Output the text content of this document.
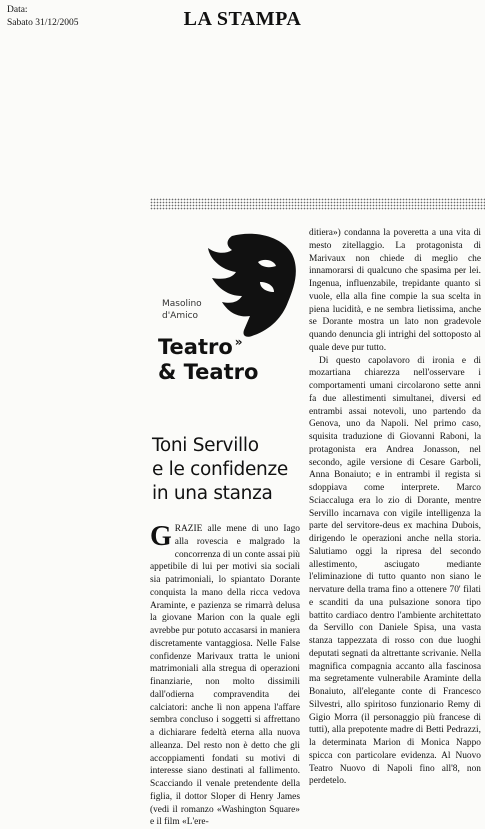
Data:
Sabato 31/12/2005	LA STAMPA
Masolino
d'Amico
Teatro »
& Teatro
Toni Servillo
e le confidenze
in una stanza

G RAZIE alle mene di uno Iago alla rovescia e malgrado la concorrenza di un conte assai più appetibile di lui per motivi sia sociali sia patrimoniali, lo spiantato Dorante conquista la mano della ricca vedova Araminte, e pazienza se rimarrà delusa la giovane Marion con la quale egli avrebbe pur potuto accasarsi in maniera discretamente vantaggiosa. Nelle False confidenze Marivaux tratta le unioni matrimoniali alla stregua di operazioni finanziarie, non molto dissimili dall'odierna compravendita dei calciatori: anche lì non appena l'affare sembra concluso i soggetti si affrettano a dichiarare fedeltà eterna alla nuova alleanza. Del resto non è detto che gli accoppiamenti fondati su motivi di interesse siano destinati al fallimento. Scacciando il venale pretendente della figlia, il dottor Sloper di Henry James (vedi il romanzo «Washington Square» e il film «L'ere-

ditiera») condanna la poveretta a una vita di mesto zitellaggio. La protagonista di Marivaux non chiede di meglio che innamorarsi di qualcuno che spasima per lei. Ingenua, influenzabile, trepidante quanto si vuole, ella alla fine compie la sua scelta in piena lucidità, e ne sembra lietissima, anche se Dorante mostra un lato non gradevole quando denuncia gli intrighi del sottoposto al quale deve pur tutto.

Di questo capolavoro di ironia e di mozartiana chiarezza nell'osservare i comportamenti umani circolarono sette anni fa due allestimenti simultanei, diversi ed entrambi assai notevoli, uno partendo da Genova, uno da Napoli. Nel primo caso, squisita traduzione di Giovanni Raboni, la protagonista era Andrea Jonasson, nel secondo, agile versione di Cesare Garboli, Anna Bonaiuto; e in entrambi il regista si sdoppiava come interprete. Marco Sciaccaluga era lo zio di Dorante, mentre Servillo incarnava con vigile intelligenza la parte del servitore-deus ex machina Dubois, dirigendo le operazioni anche nella storia. Salutiamo oggi la ripresa del secondo allestimento, asciugato mediante l'eliminazione di tutto quanto non siano le nervature della trama fino a ottenere 70' filati e scanditi da una pulsazione sonora tipo battito cardiaco dentro l'ambiente architettato da Servillo con Daniele Spisa, una vasta stanza tappezzata di rosso con due luoghi deputati segnati da altrettante scrivanie. Nella magnifica compagnia accanto alla fascinosa ma segretamente vulnerabile Araminte della Bonaiuto, all'elegante conte di Francesco Silvestri, allo spiritoso funzionario Remy di Gigio Morra (il personaggio più francese di tutti), alla prepotente madre di Betti Pedrazzi, la determinata Marion di Monica Nappo spicca con particolare evidenza. Al Nuovo Teatro Nuovo di Napoli fino all'8, non perdetelo.
